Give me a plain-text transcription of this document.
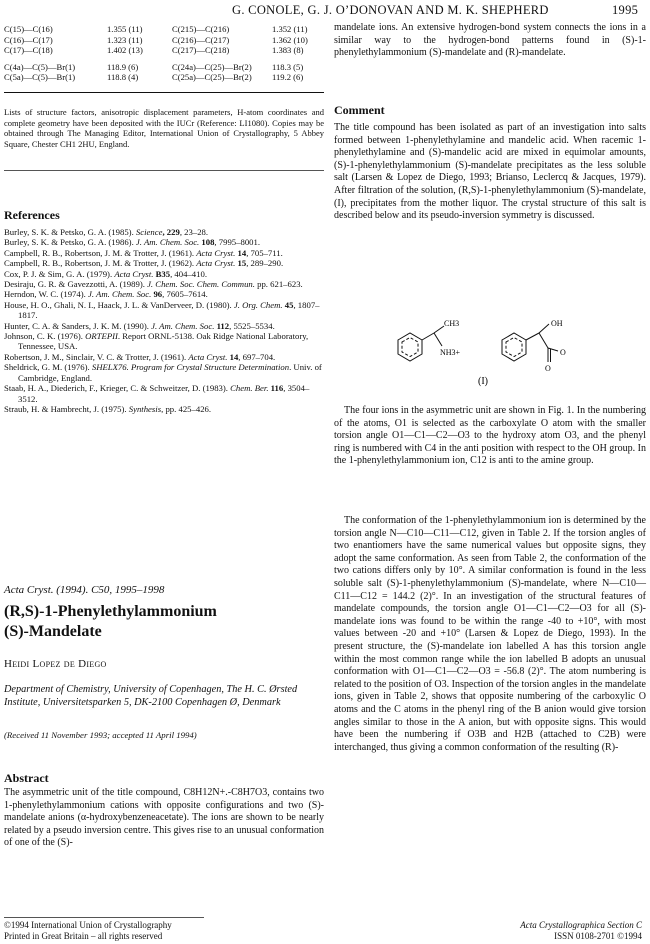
G. CONOLE, G. J. O’DONOVAN AND M. K. SHEPHERD	1995
C(15)—C(16)	1.355 (11)	C(215)—C(216)	1.352 (11)
C(16)—C(17)	1.323 (11)	C(216)—C(217)	1.362 (10)
C(17)—C(18)	1.402 (13)	C(217)—C(218)	1.383 (8)
C(4a)—C(5)—Br(1)	118.9 (6)	C(24a)—C(25)—Br(2) 118.3 (5)
C(5a)—C(5)—Br(1)	118.8 (4)	C(25a)—C(25)—Br(2) 119.2 (6)
Lists of structure factors, anisotropic displacement parameters, H-atom coordinates and complete geometry have been deposited with the IUCr (Reference: LI1080). Copies may be obtained through The Managing Editor, International Union of Crystallography, 5 Abbey Square, Chester CH1 2HU, England.
References

Burley, S. K. & Petsko, G. A. (1985). Science, 229, 23–28.

Burley, S. K. & Petsko, G. A. (1986). J. Am. Chem. Soc. 108, 7995–8001.

Campbell, R. B., Robertson, J. M. & Trotter, J. (1961). Acta Cryst. 14, 705–711.

Campbell, R. B., Robertson, J. M. & Trotter, J. (1962). Acta Cryst. 15, 289–290.

Cox, P. J. & Sim, G. A. (1979). Acta Cryst. B35, 404–410.

Desiraju, G. R. & Gavezzotti, A. (1989). J. Chem. Soc. Chem. Commun. pp. 621–623.

Herndon, W. C. (1974). J. Am. Chem. Soc. 96, 7605–7614.

House, H. O., Ghali, N. I., Haack, J. L. & VanDerveer, D. (1980). J. Org. Chem. 45, 1807–1817.

Hunter, C. A. & Sanders, J. K. M. (1990). J. Am. Chem. Soc. 112, 5525–5534.

Johnson, C. K. (1976). ORTEPII. Report ORNL-5138. Oak Ridge National Laboratory, Tennessee, USA.

Robertson, J. M., Sinclair, V. C. & Trotter, J. (1961). Acta Cryst. 14, 697–704.

Sheldrick, G. M. (1976). SHELX76. Program for Crystal Structure Determination. Univ. of Cambridge, England.

Staab, H. A., Diederich, F., Krieger, C. & Schweitzer, D. (1983). Chem. Ber. 116, 3504–3512.

Straub, H. & Hambrecht, J. (1975). Synthesis, pp. 425–426.

Acta Cryst. (1994). C50, 1995–1998
(R,S)-1-Phenylethylammonium
(S)-Mandelate
Heidi Lopez de Diego
Department of Chemistry, University of Copenhagen, The H. C. Ørsted Institute, Universitetsparken 5, DK-2100 Copenhagen Ø, Denmark
(Received 11 November 1993; accepted 11 April 1994)
Abstract
The asymmetric unit of the title compound, C8H12N+.-C8H7O3, contains two 1-phenylethylammonium cations with opposite configurations and two (S)-mandelate anions (α-hydroxybenzeneacetate). The ions are shown to be nearly related by a pseudo inversion centre. This gives rise to an unusual conformation of one of the (S)-
mandelate ions. An extensive hydrogen-bond system connects the ions in a similar way to the hydrogen-bond patterns found in (S)-1-phenylethylammonium (S)-mandelate and (R)-mandelate.
Comment
The title compound has been isolated as part of an investigation into salts formed between 1-phenylethylamine and mandelic acid. When racemic 1-phenylethylamine and (S)-mandelic acid are mixed in equimolar amounts, (S)-1-phenylethylammonium (S)-mandelate precipitates as the less soluble salt (Larsen & Lopez de Diego, 1993; Brianso, Leclercq & Jacques, 1979). After filtration of the solution, (R,S)-1-phenylethylammonium (S)-mandelate, (I), precipitates from the mother liquor. The crystal structure of this salt is described below and its pseudo-inversion symmetry is discussed.
CH3
NH3+
OH
O
O
(I)
The four ions in the asymmetric unit are shown in Fig. 1. In the numbering of the atoms, O1 is selected as the carboxylate O atom with the smaller torsion angle O1—C1—C2—O3 to the hydroxy atom O3, and the phenyl ring is numbered with C4 in the anti position with respect to the OH group. In the 1-phenylethylammonium ion, C12 is anti to the amine group.
The conformation of the 1-phenylethylammonium ion is determined by the torsion angle N—C10—C11—C12, given in Table 2. If the torsion angles of two enantiomers have the same numerical values but opposite signs, they adopt the same conformation. As seen from Table 2, the conformation of the two cations differs only by 10°. A similar conformation is found in the less soluble salt (S)-1-phenylethylammonium (S)-mandelate, where N—C10—C11—C12 = 144.2 (2)°. In an investigation of the structural features of mandelate compounds, the torsion angle O1—C1—C2—O3 for all (S)-mandelate ions was found to be within the range -40 to +10°, with most values between -20 and +10° (Larsen & Lopez de Diego, 1993). In the present structure, the (S)-mandelate ion labelled A has this torsion angle within the most common range while the ion labelled B adopts an unusual conformation with O1—C1—C2—O3 = -56.8 (2)°. The atom numbering is related to the position of O3. Inspection of the torsion angles in the mandelate ions, given in Table 2, shows that opposite numbering of the carboxylic O atoms and the C atoms in the phenyl ring of the B anion would give torsion angles similar to those in the A anion, but with opposite signs. This would have been the numbering if O3B and H2B (attached to C2B) were interchanged, thus giving a common conformation of the resulting (R)-
©1994 International Union of Crystallography
Printed in Great Britain – all rights reserved
Acta Crystallographica Section C
ISSN 0108-2701 ©1994
